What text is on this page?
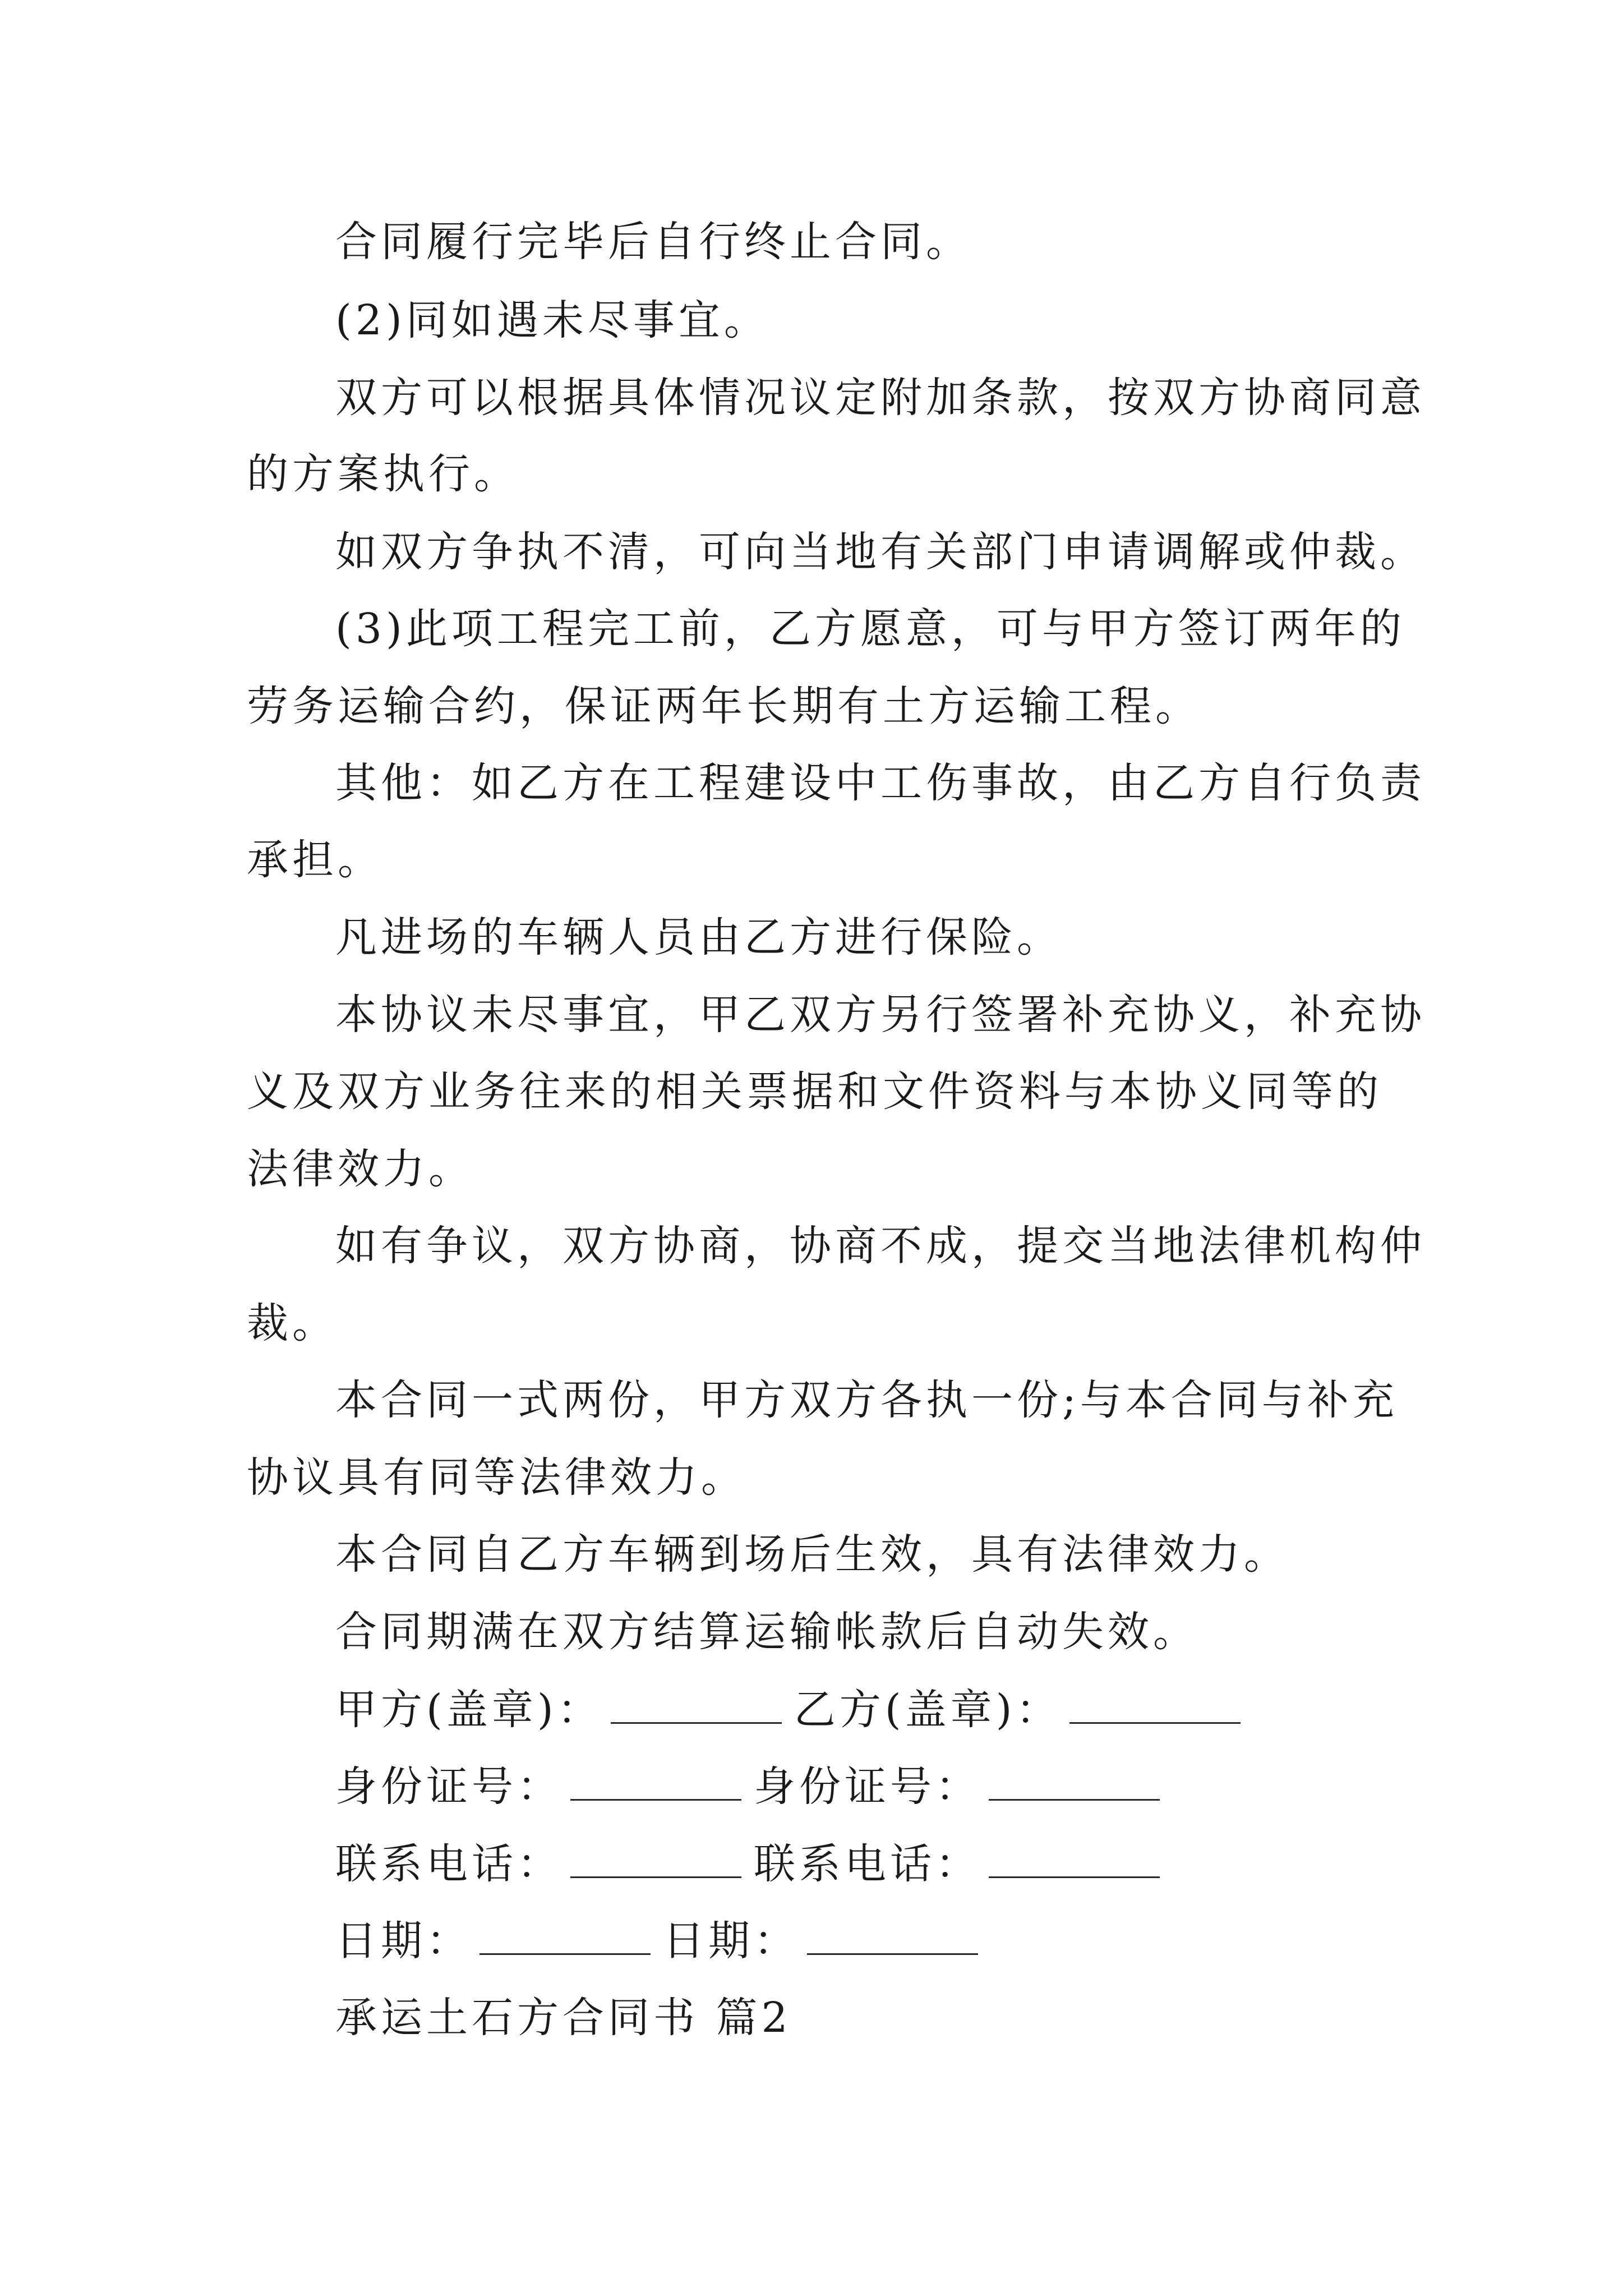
合同履行完毕后自行终止合同。
(2)同如遇未尽事宜。
双方可以根据具体情况议定附加条款，按双方协商同意
的方案执行。
如双方争执不清，可向当地有关部门申请调解或仲裁。
(3)此项工程完工前，乙方愿意，可与甲方签订两年的
劳务运输合约，保证两年长期有土方运输工程。
其他：如乙方在工程建设中工伤事故，由乙方自行负责
承担。
凡进场的车辆人员由乙方进行保险。
本协议未尽事宜，甲乙双方另行签署补充协义，补充协
义及双方业务往来的相关票据和文件资料与本协义同等的
法律效力。
如有争议，双方协商，协商不成，提交当地法律机构仲
裁。
本合同一式两份，甲方双方各执一份;与本合同与补充
协议具有同等法律效力。
本合同自乙方车辆到场后生效，具有法律效力。
合同期满在双方结算运输帐款后自动失效。
甲方(盖章)：	乙方(盖章)：
身份证号：	身份证号：
联系电话：	联系电话：
日期：	日期：
承运土石方合同书 篇2
